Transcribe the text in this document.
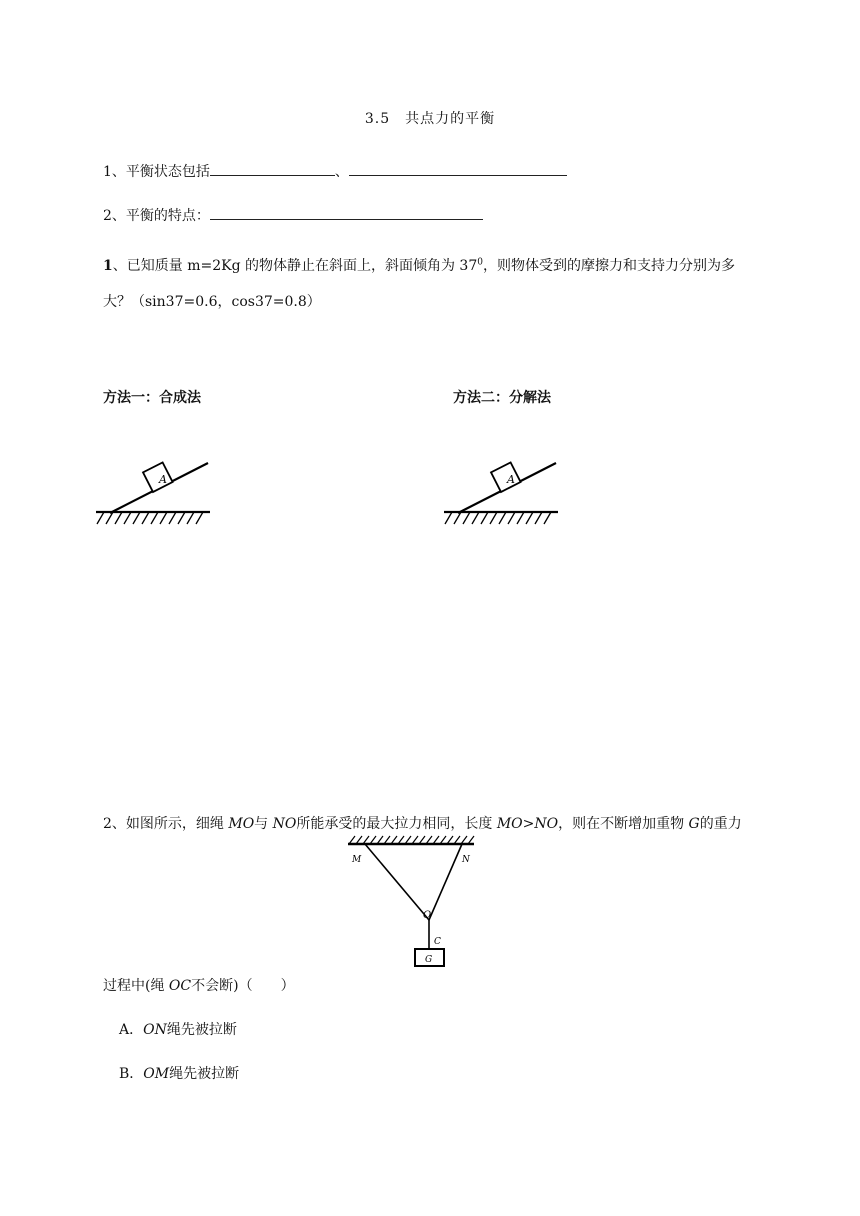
3.5　共点力的平衡
1、平衡状态包括	、
2、平衡的特点：
1、已知质量 m=2Kg 的物体静止在斜面上，斜面倾角为 $37^0$，则物体受到的摩擦力和支持力分别为多
大？（sin37=0.6，cos37=0.8）
方法一：合成法	方法二：分解法
A	A
2、如图所示，细绳 MO与 NO所能承受的最大拉力相同，长度 MO>NO，则在不断增加重物 G的重力
M	N
O
C
G
过程中(绳 OC不会断)（　　）
A．ON绳先被拉断
B．OM绳先被拉断
